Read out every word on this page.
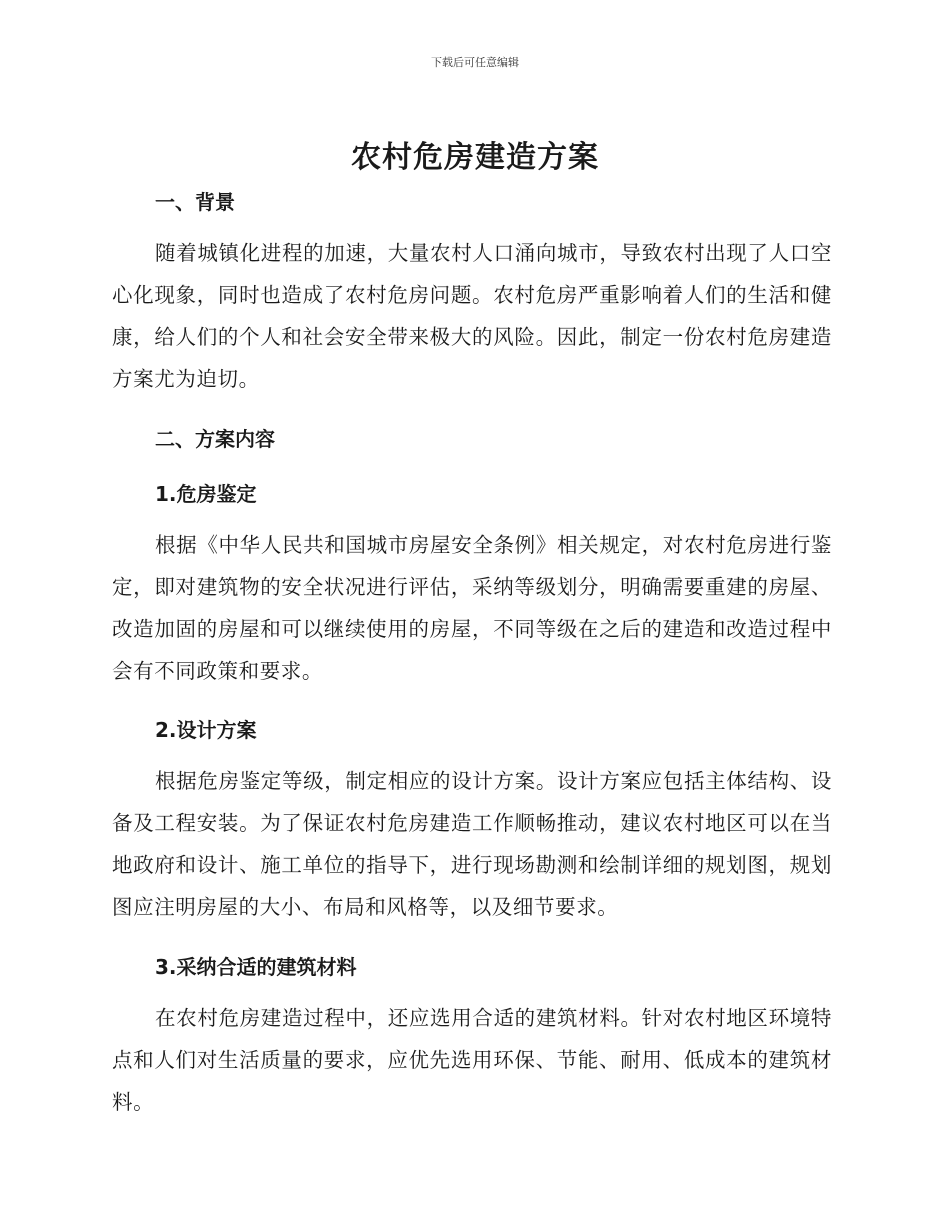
下载后可任意编辑
农村危房建造方案
一、背景
随着城镇化进程的加速，大量农村人口涌向城市，导致农村出现了人口空心化现象，同时也造成了农村危房问题。农村危房严重影响着人们的生活和健康，给人们的个人和社会安全带来极大的风险。因此，制定一份农村危房建造方案尤为迫切。
二、方案内容
1.危房鉴定
根据《中华人民共和国城市房屋安全条例》相关规定，对农村危房进行鉴定，即对建筑物的安全状况进行评估，采纳等级划分，明确需要重建的房屋、改造加固的房屋和可以继续使用的房屋，不同等级在之后的建造和改造过程中会有不同政策和要求。
2.设计方案
根据危房鉴定等级，制定相应的设计方案。设计方案应包括主体结构、设备及工程安装。为了保证农村危房建造工作顺畅推动，建议农村地区可以在当地政府和设计、施工单位的指导下，进行现场勘测和绘制详细的规划图，规划图应注明房屋的大小、布局和风格等，以及细节要求。
3.采纳合适的建筑材料
在农村危房建造过程中，还应选用合适的建筑材料。针对农村地区环境特点和人们对生活质量的要求，应优先选用环保、节能、耐用、低成本的建筑材料。
